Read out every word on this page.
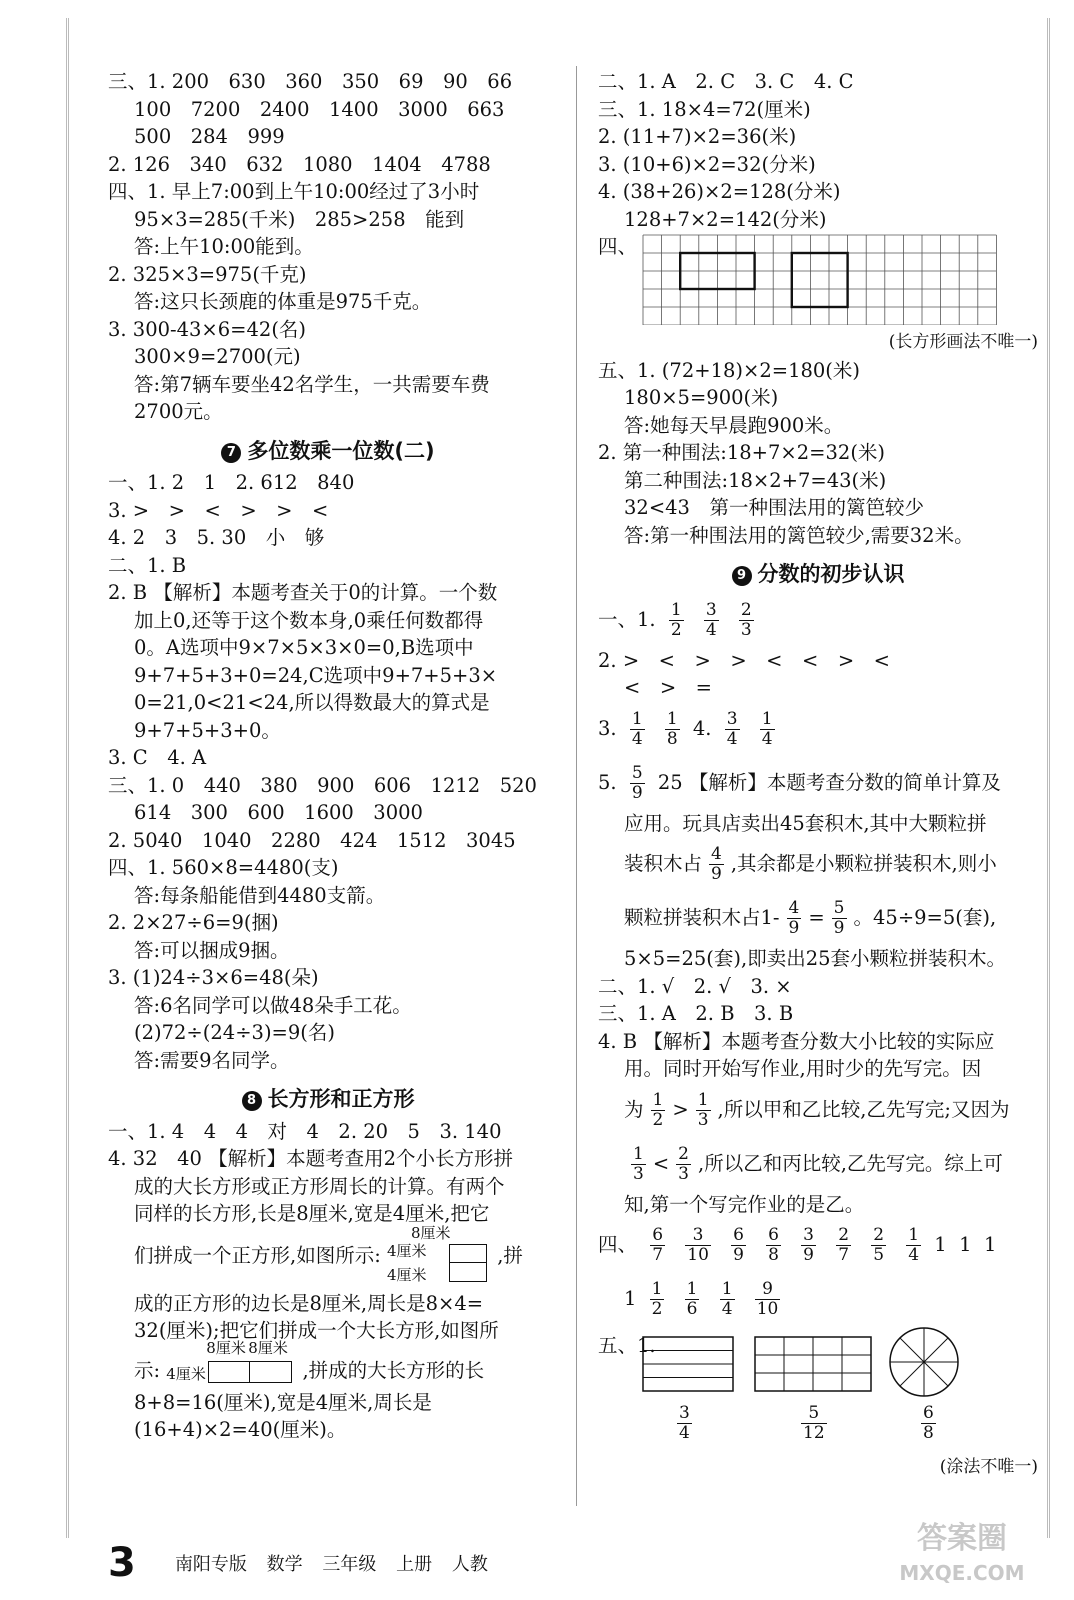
三、1. 200　630　360　350　69　90　66
100　7200　2400　1400　3000　663
500　284　999
2. 126　340　632　1080　1404　4788
四、1. 早上7:00到上午10:00经过了3小时
95×3=285(千米)　285>258　能到
答:上午10:00能到。
2. 325×3=975(千克)
答:这只长颈鹿的体重是975千克。
3. 300-43×6=42(名)
300×9=2700(元)
答:第7辆车要坐42名学生，一共需要车费
2700元。
7 多位数乘一位数(二)
一、1. 2　1　2. 612　840
3. >　>　<　>　>　<
4. 2　3　5. 30　小　够
二、1. B
2. B 【解析】本题考查关于0的计算。一个数
加上0,还等于这个数本身,0乘任何数都得
0。A选项中9×7×5×3×0=0,B选项中
9+7+5+3+0=24,C选项中9+7+5+3×
0=21,0<21<24,所以得数最大的算式是
9+7+5+3+0。
3. C　4. A
三、1. 0　440　380　900　606　1212　520
614　300　600　1600　3000
2. 5040　1040　2280　424　1512　3045
四、1. 560×8=4480(支)
答:每条船能借到4480支箭。
2. 2×27÷6=9(捆)
答:可以捆成9捆。
3. (1)24÷3×6=48(朵)
答:6名同学可以做48朵手工花。
(2)72÷(24÷3)=9(名)
答:需要9名同学。
8 长方形和正方形
一、1. 4　4　4　对　4　2. 20　5　3. 140
4. 32　40 【解析】本题考查用2个小长方形拼
成的大长方形或正方形周长的计算。有两个
同样的长方形,长是8厘米,宽是4厘米,把它
们拼成一个正方形,如图所示:
8厘米
4厘米
4厘米
,拼
成的正方形的边长是8厘米,周长是8×4=
32(厘米);把它们拼成一个大长方形,如图所
示:
8厘米 8厘米
4厘米	,拼成的大长方形的长
8+8=16(厘米),宽是4厘米,周长是
(16+4)×2=40(厘米)。
二、1. A　2. C　3. C　4. C
三、1. 18×4=72(厘米)
2. (11+7)×2=36(米)
3. (10+6)×2=32(分米)
4. (38+26)×2=128(分米)
128+7×2=142(分米)
四、
(长方形画法不唯一)
五、1. (72+18)×2=180(米)
180×5=900(米)
答:她每天早晨跑900米。
2. 第一种围法:18+7×2=32(米)
第二种围法:18×2+7=43(米)
32<43　第一种围法用的篱笆较少
答:第一种围法用的篱笆较少,需要32米。
9 分数的初步认识
一、1. $\frac{1}{2}$
$\frac{3}{4}$
$\frac{2}{3}$
2. >　<　>　>　<　<　>　<
<　>　=
3. $\frac{1}{4}$
$\frac{1}{8} 4$. $\frac{3}{4}$
$\frac{1}{4}$
5. $\frac{5}{9} 25$ 【解析】本题考查分数的简单计算及
应用。玩具店卖出45套积木,其中大颗粒拼
装积木占 $\frac{4}{9}$ ,其余都是小颗粒拼装积木,则小
颗粒拼装积木占$1- \frac{4}{9} = \frac{5}{9}$ 。45÷9=5(套),
5×5=25(套),即卖出25套小颗粒拼装积木。
二、1. √　2. √　3. ×
三、1. A　2. B　3. B
4. B 【解析】本题考查分数大小比较的实际应
用。同时开始写作业,用时少的先写完。因
为 $\frac{1}{2} > \frac{1}{3}$ ,所以甲和乙比较,乙先写完;又因为
$\frac{1}{3} < \frac{2}{3}$ ,所以乙和丙比较,乙先写完。综上可
知,第一个写完作业的是乙。
四、 $\frac{6}{7}$
$\frac{3}{10}$
$\frac{6}{9}$
$\frac{6}{8}$
$\frac{3}{9}$
$\frac{2}{7}$
$\frac{2}{5}$
$\frac{1}{4} 1$ 1 1
$1 \frac{1}{2}$
$\frac{1}{6}$
$\frac{1}{4}$
$\frac{9}{10}$
五、1.
3
4
5
12
6
8
(涂法不唯一)
3 南阳专版 数学 三年级 上册 人教
答案圈
MXQE.COM
